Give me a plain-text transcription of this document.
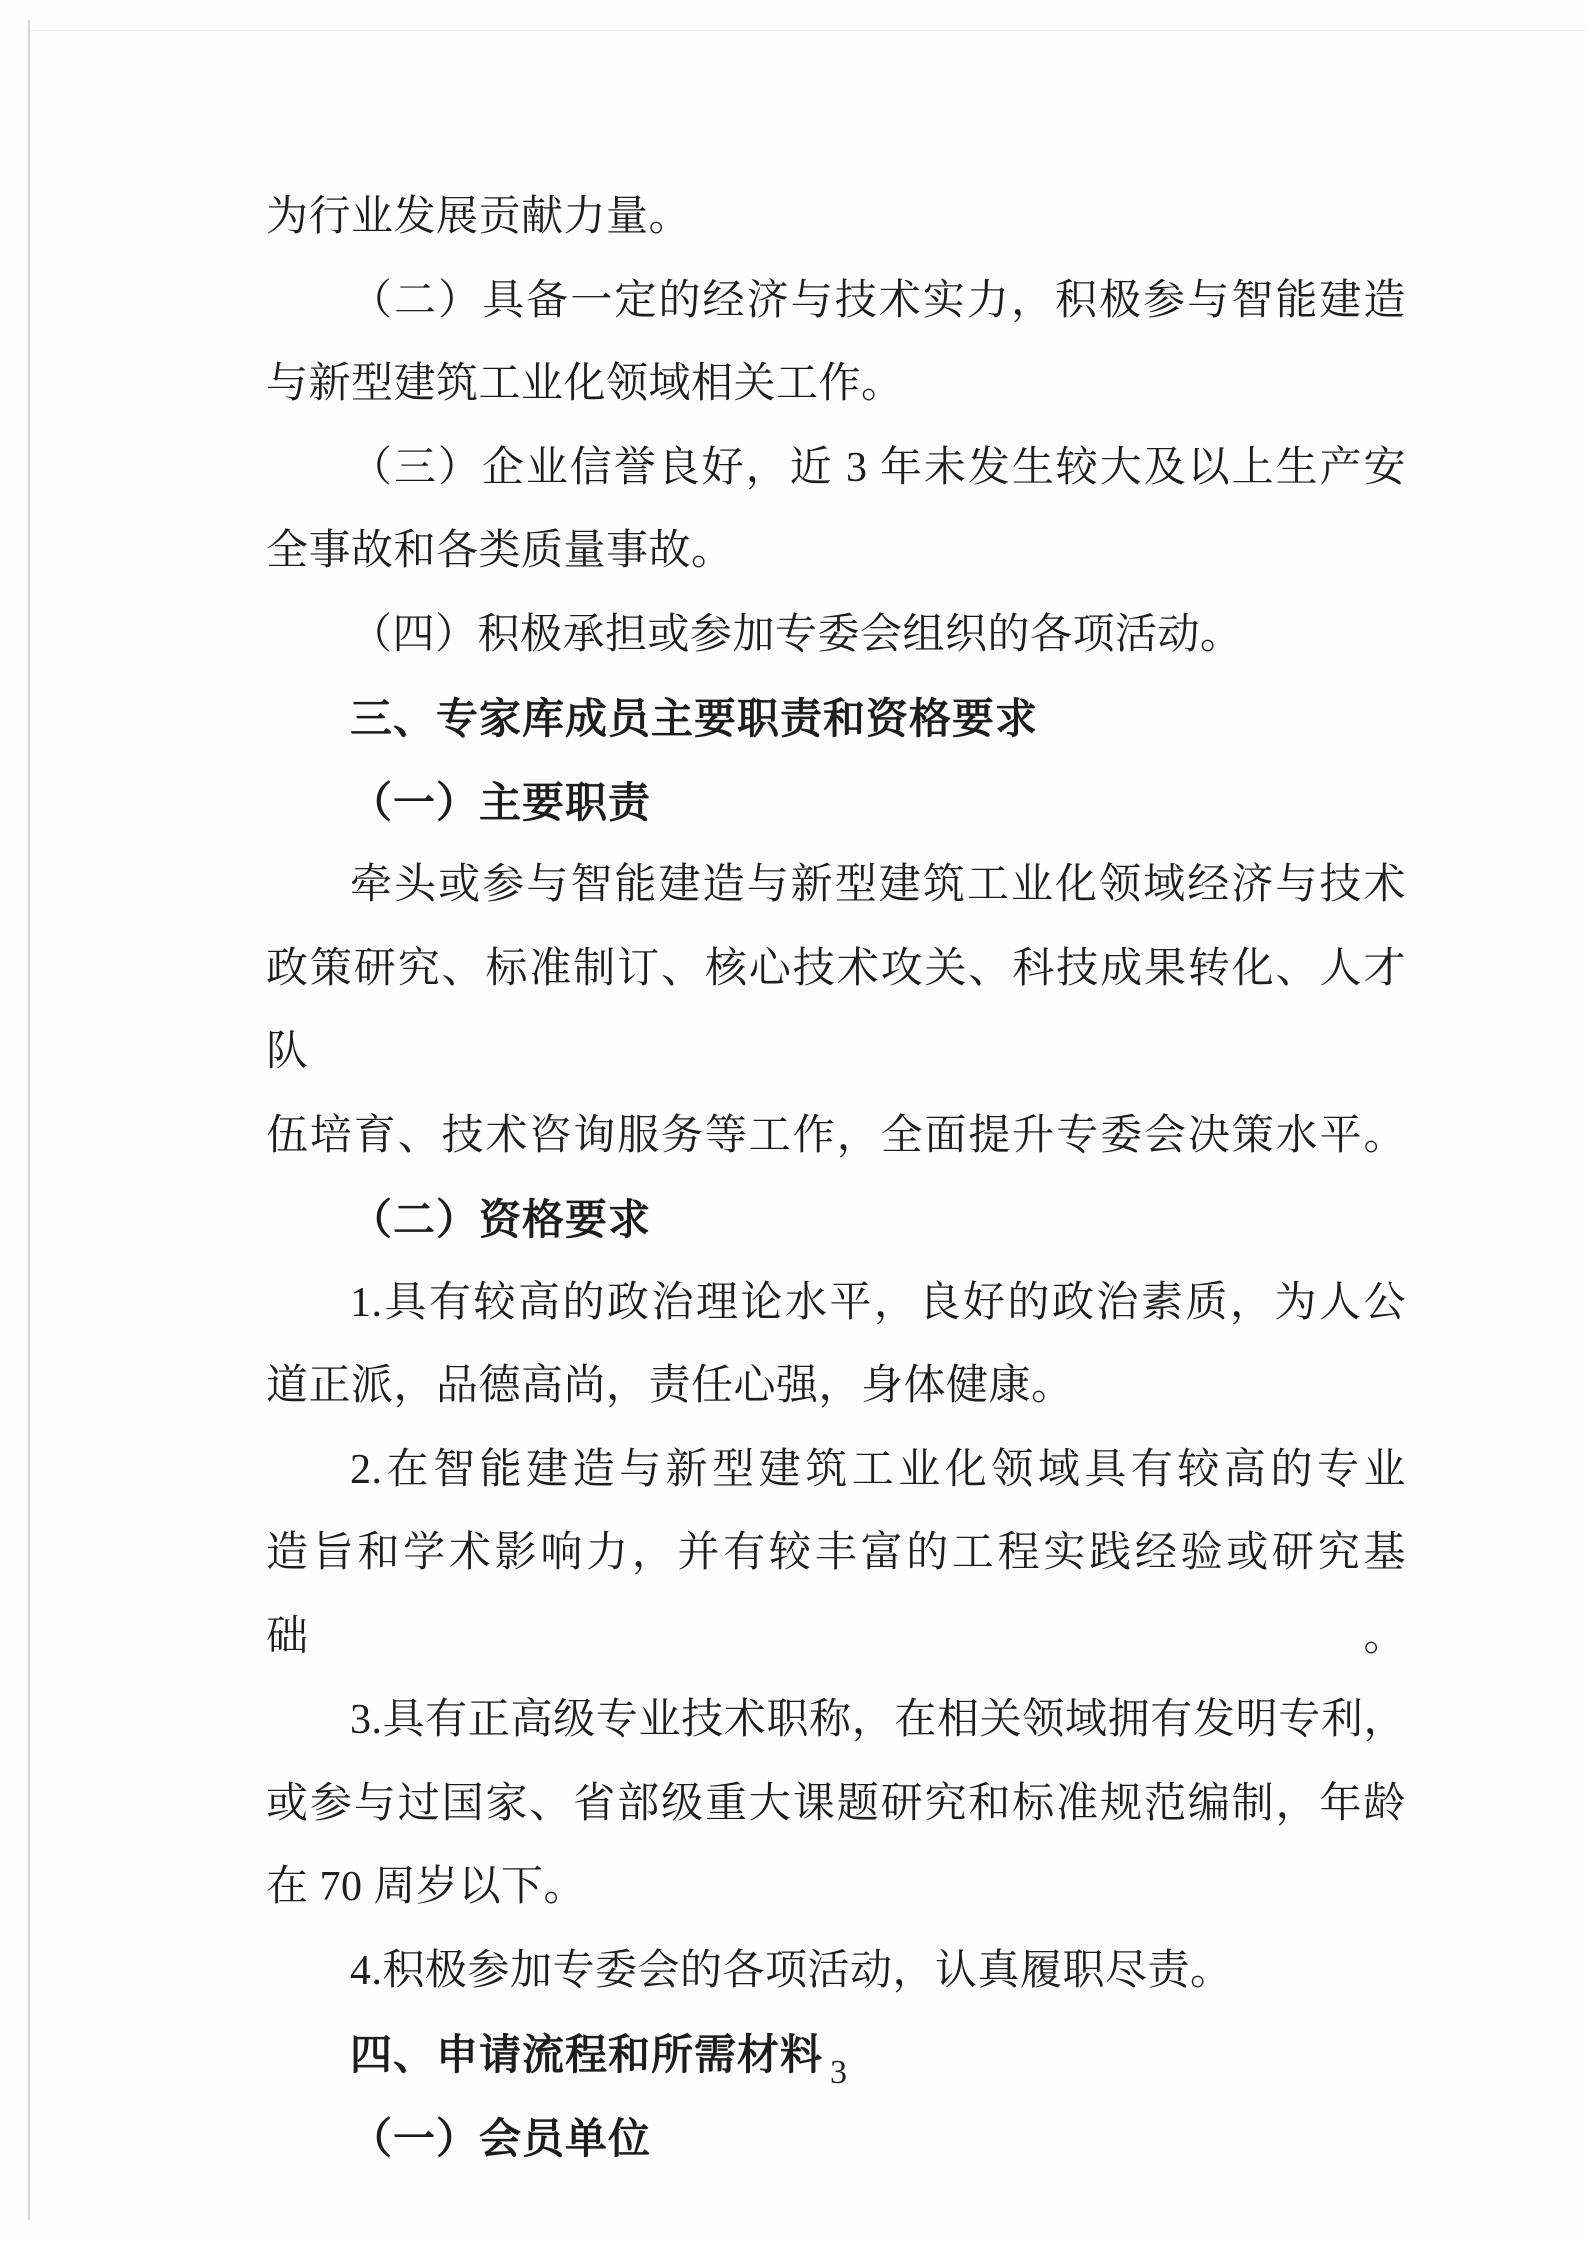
为行业发展贡献力量。
（二）具备一定的经济与技术实力，积极参与智能建造
与新型建筑工业化领域相关工作。
（三）企业信誉良好，近 3 年未发生较大及以上生产安
全事故和各类质量事故。
（四）积极承担或参加专委会组织的各项活动。
三、专家库成员主要职责和资格要求
（一）主要职责
牵头或参与智能建造与新型建筑工业化领域经济与技术
政策研究、标准制订、核心技术攻关、科技成果转化、人才队
伍培育、技术咨询服务等工作，全面提升专委会决策水平。
（二）资格要求
1.具有较高的政治理论水平，良好的政治素质，为人公
道正派，品德高尚，责任心强，身体健康。
2.在智能建造与新型建筑工业化领域具有较高的专业
造旨和学术影响力，并有较丰富的工程实践经验或研究基础。
3.具有正高级专业技术职称，在相关领域拥有发明专利，
或参与过国家、省部级重大课题研究和标准规范编制，年龄
在 70 周岁以下。
4.积极参加专委会的各项活动，认真履职尽责。
四、申请流程和所需材料
（一）会员单位
3
